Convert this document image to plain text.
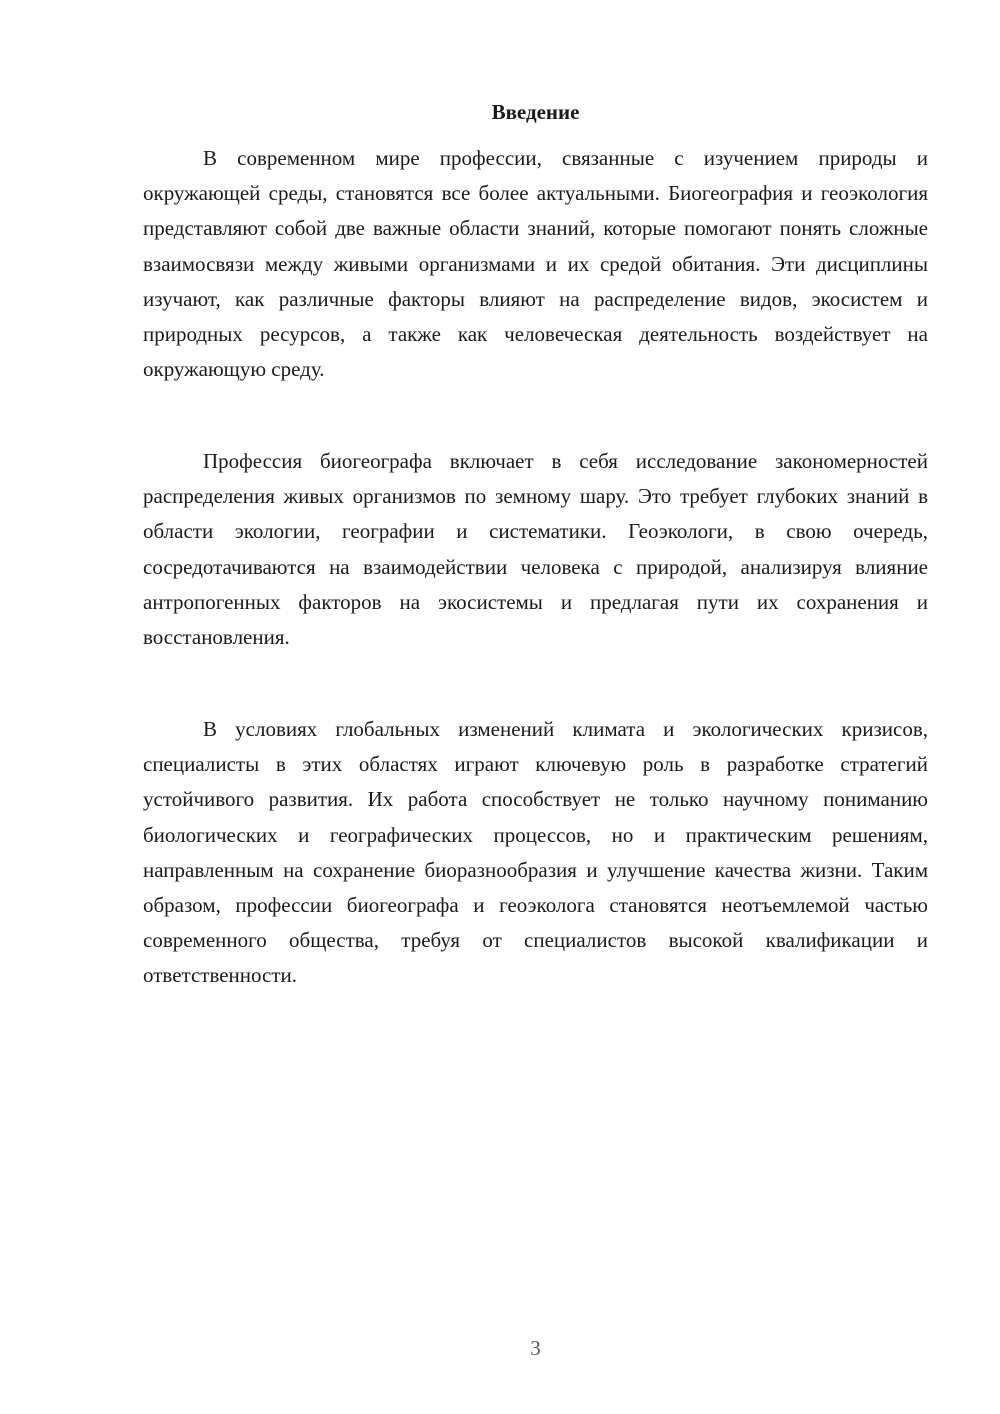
Введение

В современном мире профессии, связанные с изучением природы и окружающей среды, становятся все более актуальными. Биогеография и геоэкология представляют собой две важные области знаний, которые помогают понять сложные взаимосвязи между живыми организмами и их средой обитания. Эти дисциплины изучают, как различные факторы влияют на распределение видов, экосистем и природных ресурсов, а также как человеческая деятельность воздействует на окружающую среду.

Профессия биогеографа включает в себя исследование закономерностей распределения живых организмов по земному шару. Это требует глубоких знаний в области экологии, географии и систематики. Геоэкологи, в свою очередь, сосредотачиваются на взаимодействии человека с природой, анализируя влияние антропогенных факторов на экосистемы и предлагая пути их сохранения и восстановления.

В условиях глобальных изменений климата и экологических кризисов, специалисты в этих областях играют ключевую роль в разработке стратегий устойчивого развития. Их работа способствует не только научному пониманию биологических и географических процессов, но и практическим решениям, направленным на сохранение биоразнообразия и улучшение качества жизни. Таким образом, профессии биогеографа и геоэколога становятся неотъемлемой частью современного общества, требуя от специалистов высокой квалификации и ответственности.

3
